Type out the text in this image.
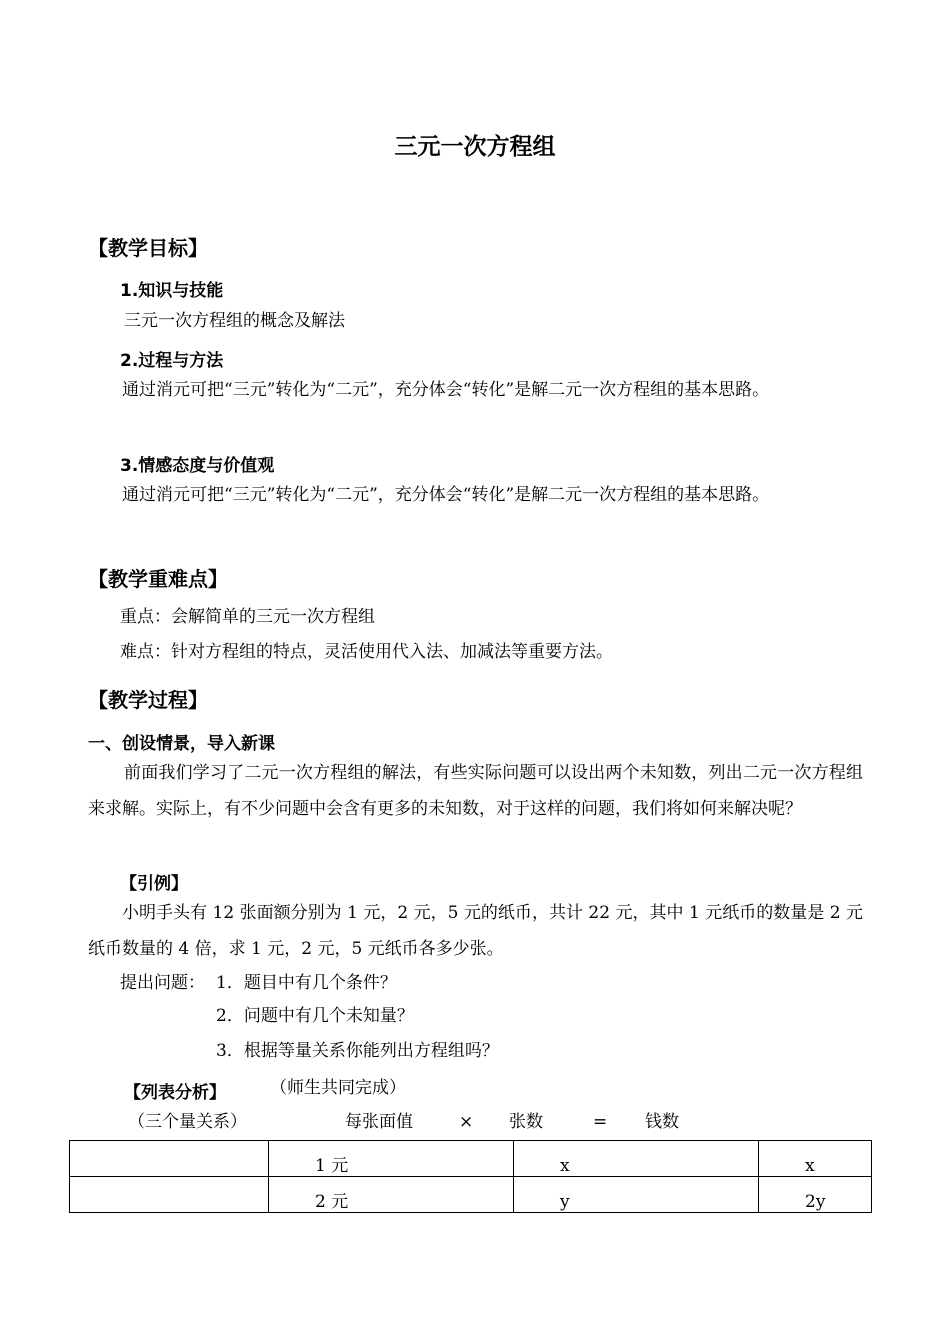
三元一次方程组
【教学目标】
1.知识与技能
三元一次方程组的概念及解法
2.过程与方法
通过消元可把“三元”转化为“二元”，充分体会“转化”是解二元一次方程组的基本思路。
3.情感态度与价值观
通过消元可把“三元”转化为“二元”，充分体会“转化”是解二元一次方程组的基本思路。
【教学重难点】
重点：会解简单的三元一次方程组
难点：针对方程组的特点，灵活使用代入法、加减法等重要方法。
【教学过程】
一、创设情景，导入新课
前面我们学习了二元一次方程组的解法，有些实际问题可以设出两个未知数，列出二元一次方程组来求解。实际上，有不少问题中会含有更多的未知数，对于这样的问题，我们将如何来解决呢？
【引例】
小明手头有 12 张面额分别为 1 元，2 元，5 元的纸币，共计 22 元，其中 1 元纸币的数量是 2 元纸币数量的 4 倍，求 1 元，2 元，5 元纸币各多少张。
提出问题： 1．题目中有几个条件？
2．问题中有几个未知量？
3．根据等量关系你能列出方程组吗？
【列表分析】	（师生共同完成）
（三个量关系）	每张面值	× 张数	= 钱数
	1 元	x	x
	2 元	y	2y
